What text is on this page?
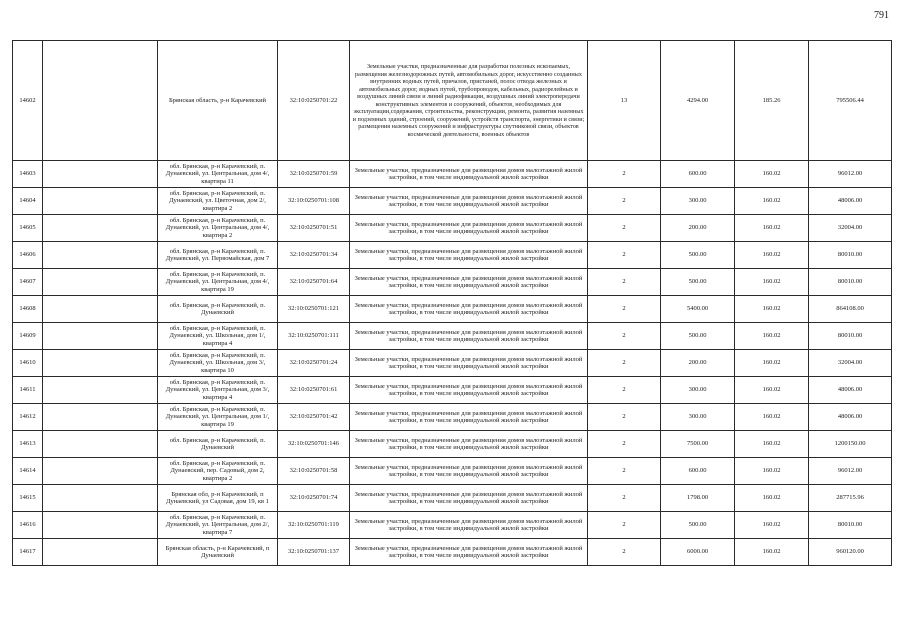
791
14602		Брянская область, р-н Карачевский	32:10:0250701:22	Земельные участки, предназначенные для разработки полезных ископаемых, размещения железнодорожных путей, автомобильных дорог, искусственно созданных внутренних водных путей, причалов, пристаней, полос отвода железных и автомобильных дорог, водных путей, трубопроводов, кабельных, радиорелейных и воздушных линий связи и линий радиофикации, воздушных линий электропередачи конструктивных элементов и сооружений, объектов, необходимых для эксплуатации,содержания, строительства, реконструкции, ремонта, развития наземных и подземных зданий, строений, сооружений, устройств транспорта, энергетики и связи; размещения наземных сооружений и инфраструктуры спутниковой связи, объектов космической деятельности, военных объектов	13	4294.00	185.26	795506.44
14603		обл. Брянская, р-н Карачевский, п. Дунаевский, ул. Центральная, дом 4/, квартира 11	32:10:0250701:59	Земельные участки, предназначенные для размещения домов малоэтажной жилой застройки, в том числе индивидуальной жилой застройки	2	600.00	160.02	96012.00
14604		обл. Брянская, р-н Карачевский, п. Дунаевский, ул. Цветочная, дом 2/, квартира 2	32:10:0250701:108	Земельные участки, предназначенные для размещения домов малоэтажной жилой застройки, в том числе индивидуальной жилой застройки	2	300.00	160.02	48006.00
14605		обл. Брянская, р-н Карачевский, п. Дунаевский, ул. Центральная, дом 4/, квартира 2	32:10:0250701:51	Земельные участки, предназначенные для размещения домов малоэтажной жилой застройки, в том числе индивидуальной жилой застройки	2	200.00	160.02	32004.00
14606		обл. Брянская, р-н Карачевский, п. Дунаевский, ул. Первомайская, дом 7	32:10:0250701:34	Земельные участки, предназначенные для размещения домов малоэтажной жилой застройки, в том числе индивидуальной жилой застройки	2	500.00	160.02	80010.00
14607		обл. Брянская, р-н Карачевский, п. Дунаевский, ул. Центральная, дом 4/, квартира 19	32:10:0250701:64	Земельные участки, предназначенные для размещения домов малоэтажной жилой застройки, в том числе индивидуальной жилой застройки	2	500.00	160.02	80010.00
14608		обл. Брянская, р-н Карачевский, п. Дунаевский	32:10:0250701:121	Земельные участки, предназначенные для размещения домов малоэтажной жилой застройки, в том числе индивидуальной жилой застройки	2	5400.00	160.02	864108.00
14609		обл. Брянская, р-н Карачевский, п. Дунаевский, ул. Школьная, дом 1/, квартира 4	32:10:0250701:111	Земельные участки, предназначенные для размещения домов малоэтажной жилой застройки, в том числе индивидуальной жилой застройки	2	500.00	160.02	80010.00
14610		обл. Брянская, р-н Карачевский, п. Дунаевский, ул. Школьная, дом 3/, квартира 10	32:10:0250701:24	Земельные участки, предназначенные для размещения домов малоэтажной жилой застройки, в том числе индивидуальной жилой застройки	2	200.00	160.02	32004.00
14611		обл. Брянская, р-н Карачевский, п. Дунаевский, ул. Центральная, дом 3/, квартира 4	32:10:0250701:61	Земельные участки, предназначенные для размещения домов малоэтажной жилой застройки, в том числе индивидуальной жилой застройки	2	300.00	160.02	48006.00
14612		обл. Брянская, р-н Карачевский, п. Дунаевский, ул. Центральная, дом 1/, квартира 19	32:10:0250701:42	Земельные участки, предназначенные для размещения домов малоэтажной жилой застройки, в том числе индивидуальной жилой застройки	2	300.00	160.02	48006.00
14613		обл. Брянская, р-н Карачевский, п. Дунаевский	32:10:0250701:146	Земельные участки, предназначенные для размещения домов малоэтажной жилой застройки, в том числе индивидуальной жилой застройки	2	7500.00	160.02	1200150.00
14614		обл. Брянская, р-н Карачевский, п. Дунаевский, пер. Садовый, дом 2, квартира 2	32:10:0250701:58	Земельные участки, предназначенные для размещения домов малоэтажной жилой застройки, в том числе индивидуальной жилой застройки	2	600.00	160.02	96012.00
14615		Брянская обл, р-н Карачевский, п Дунаевский, ул Садовая, дом 19, кв 1	32:10:0250701:74	Земельные участки, предназначенные для размещения домов малоэтажной жилой застройки, в том числе индивидуальной жилой застройки	2	1798.00	160.02	287715.96
14616		обл. Брянская, р-н Карачевский, п. Дунаевский, ул. Центральная, дом 2/, квартира 7	32:10:0250701:119	Земельные участки, предназначенные для размещения домов малоэтажной жилой застройки, в том числе индивидуальной жилой застройки	2	500.00	160.02	80010.00
14617		Брянская область, р-н Карачевский, п Дунаевский	32:10:0250701:137	Земельные участки, предназначенные для размещения домов малоэтажной жилой застройки, в том числе индивидуальной жилой застройки	2	6000.00	160.02	960120.00
